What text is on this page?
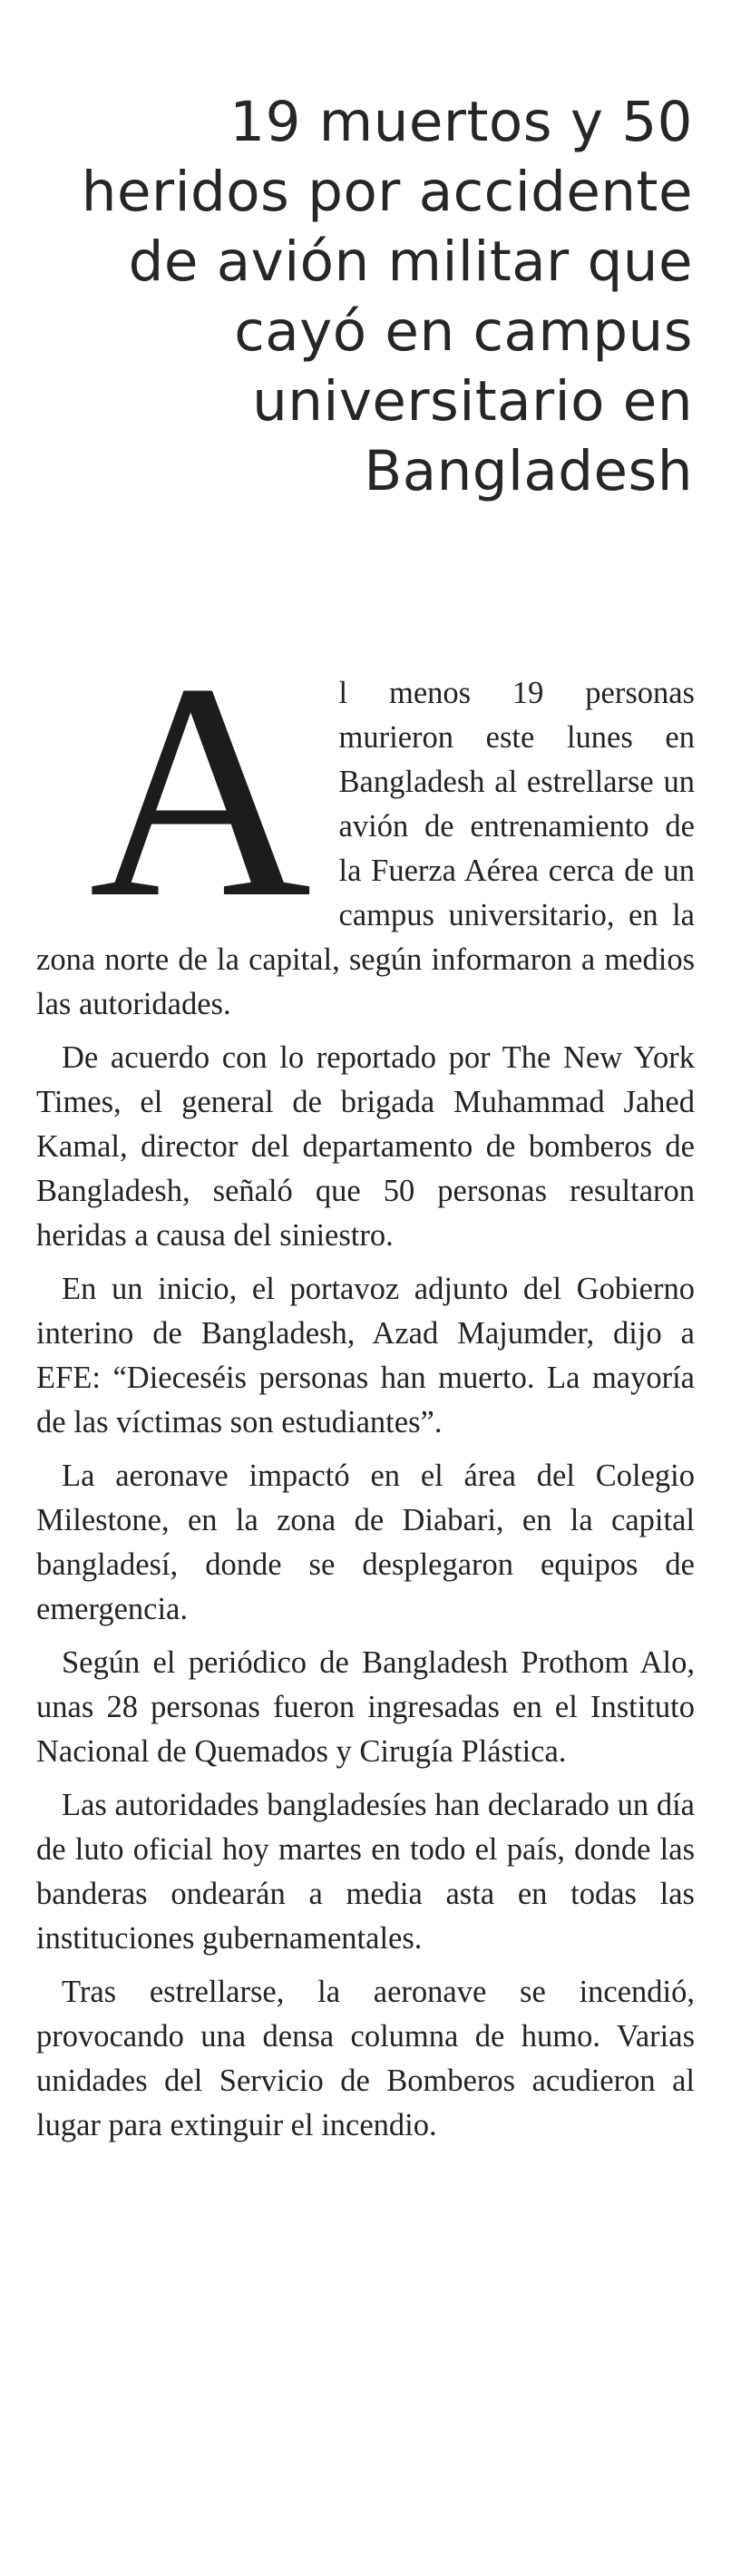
19 muertos y 50 heridos por accidente de avión militar que cayó en campus universitario en Bangladesh

Al menos 19 personas murieron este lunes en Bangladesh al estrellarse un avión de entrenamiento de la Fuerza Aérea cerca de un campus universitario, en la zona norte de la capital, según informaron a medios las autoridades.

De acuerdo con lo reportado por The New York Times, el general de brigada Muhammad Jahed Kamal, director del departamento de bomberos de Bangladesh, señaló que 50 personas resultaron heridas a causa del siniestro.

En un inicio, el portavoz adjunto del Gobierno interino de Bangladesh, Azad Majumder, dijo a EFE: “Dieceséis personas han muerto. La mayoría de las víctimas son estudiantes”.

La aeronave impactó en el área del Colegio Milestone, en la zona de Diabari, en la capital bangladesí, donde se desplegaron equipos de emergencia.

Según el periódico de Bangladesh Prothom Alo, unas 28 personas fueron ingresadas en el Instituto Nacional de Quemados y Cirugía Plástica.

Las autoridades bangladesíes han declarado un día de luto oficial hoy martes en todo el país, donde las banderas ondearán a media asta en todas las instituciones gubernamentales.

Tras estrellarse, la aeronave se incendió, provocando una densa columna de humo. Varias unidades del Servicio de Bomberos acudieron al lugar para extinguir el incendio.
